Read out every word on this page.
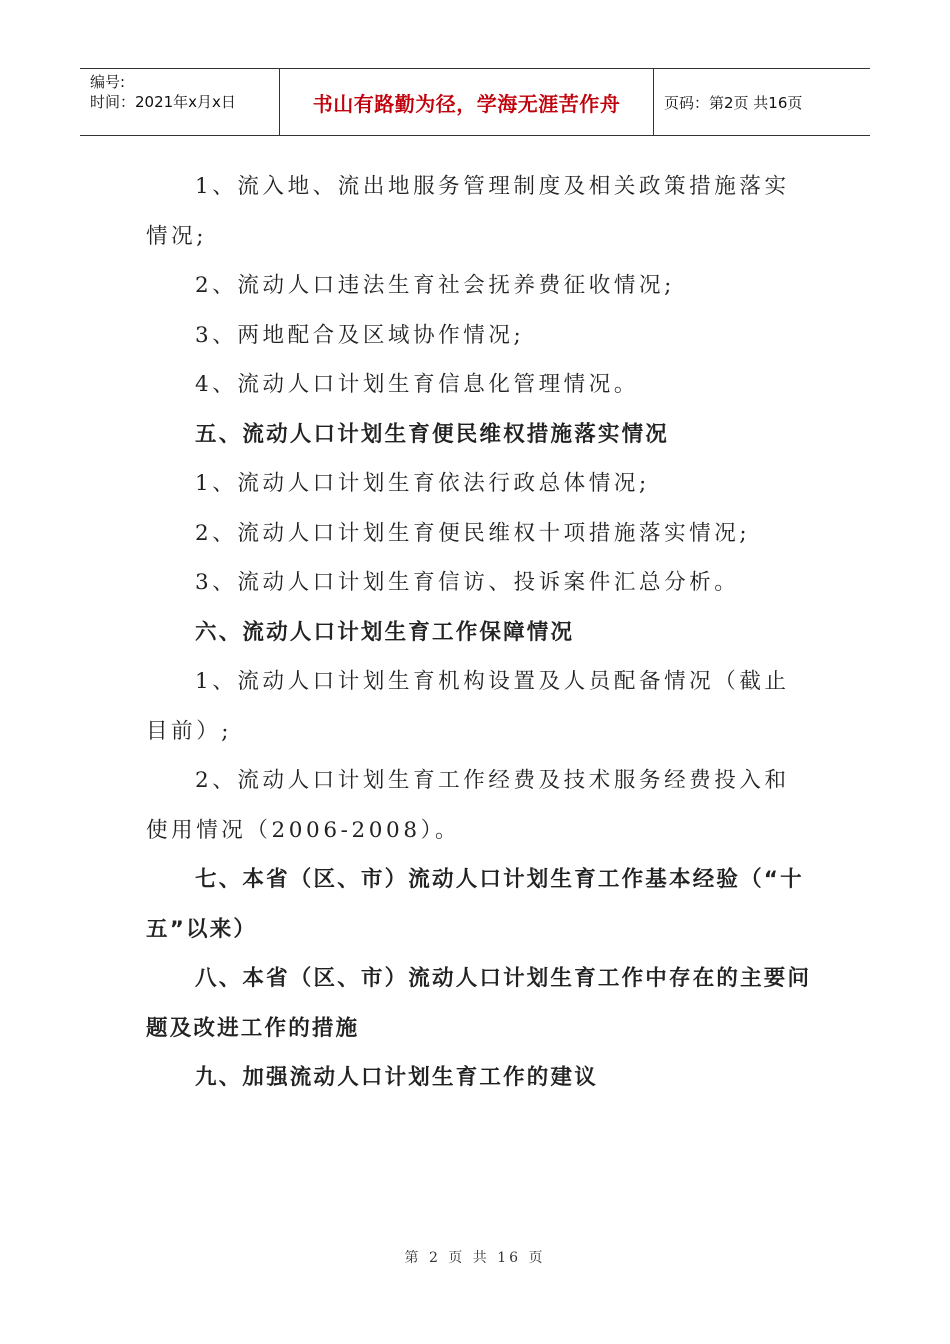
编号:
时间：2021年x月x日	书山有路勤为径，学海无涯苦作舟	页码：第2页 共16页

1、流入地、流出地服务管理制度及相关政策措施落实情况;

2、流动人口违法生育社会抚养费征收情况;

3、两地配合及区域协作情况;

4、流动人口计划生育信息化管理情况。

五、流动人口计划生育便民维权措施落实情况

1、流动人口计划生育依法行政总体情况;

2、流动人口计划生育便民维权十项措施落实情况;

3、流动人口计划生育信访、投诉案件汇总分析。

六、流动人口计划生育工作保障情况

1、流动人口计划生育机构设置及人员配备情况（截止目前）;

2、流动人口计划生育工作经费及技术服务经费投入和使用情况（2006-2008）。

七、本省（区、市）流动人口计划生育工作基本经验（“十五”以来）

八、本省（区、市）流动人口计划生育工作中存在的主要问题及改进工作的措施

九、加强流动人口计划生育工作的建议

第 2 页 共 16 页
